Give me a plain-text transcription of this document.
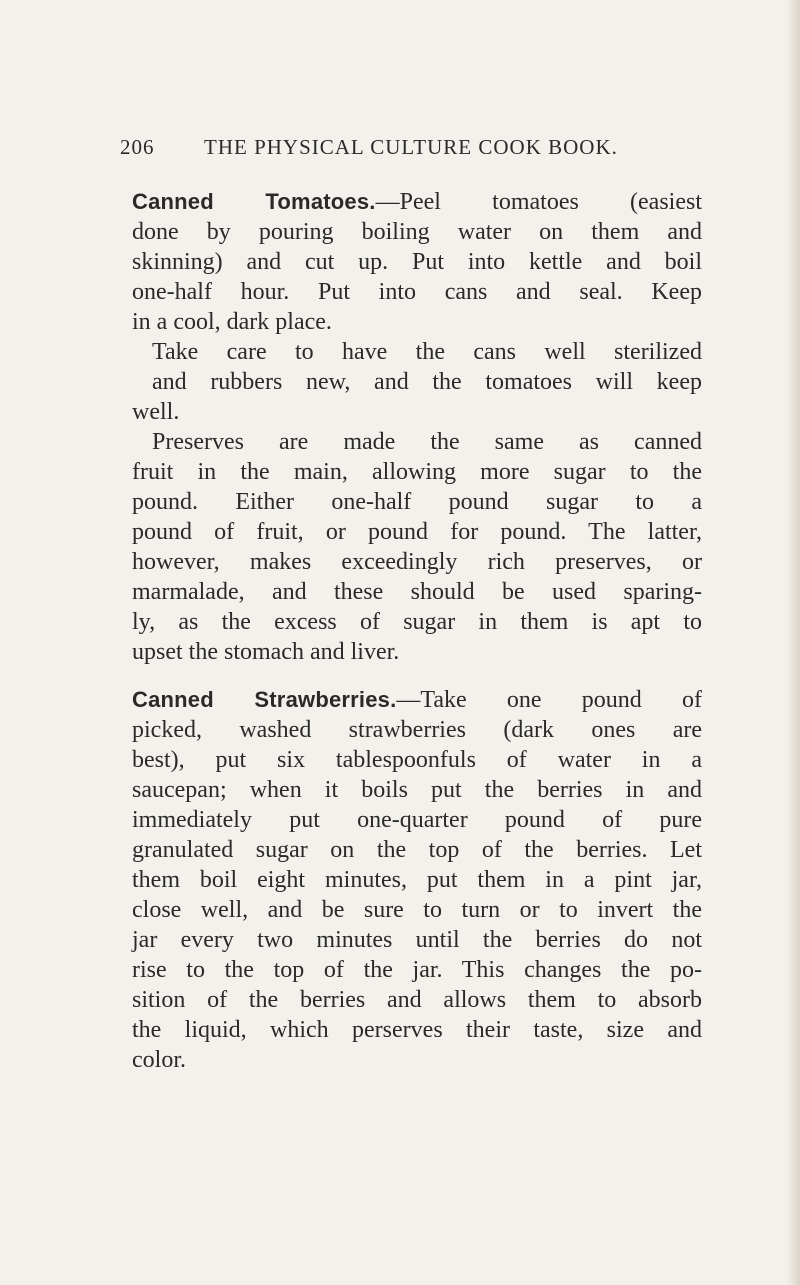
206 THE PHYSICAL CULTURE COOK BOOK.

Canned Tomatoes.—Peel tomatoes (easiest
done by pouring boiling water on them and
skinning) and cut up. Put into kettle and boil
one-half hour. Put into cans and seal. Keep
in a cool, dark place.

Take care to have the cans well sterilized
and rubbers new, and the tomatoes will keep
well.

Preserves are made the same as canned
fruit in the main, allowing more sugar to the
pound. Either one-half pound sugar to a
pound of fruit, or pound for pound. The latter,
however, makes exceedingly rich preserves, or
marmalade, and these should be used sparing-
ly, as the excess of sugar in them is apt to
upset the stomach and liver.

Canned Strawberries.—Take one pound of
picked, washed strawberries (dark ones are
best), put six tablespoonfuls of water in a
saucepan; when it boils put the berries in and
immediately put one-quarter pound of pure
granulated sugar on the top of the berries. Let
them boil eight minutes, put them in a pint jar,
close well, and be sure to turn or to invert the
jar every two minutes until the berries do not
rise to the top of the jar. This changes the po-
sition of the berries and allows them to absorb
the liquid, which perserves their taste, size and
color.
